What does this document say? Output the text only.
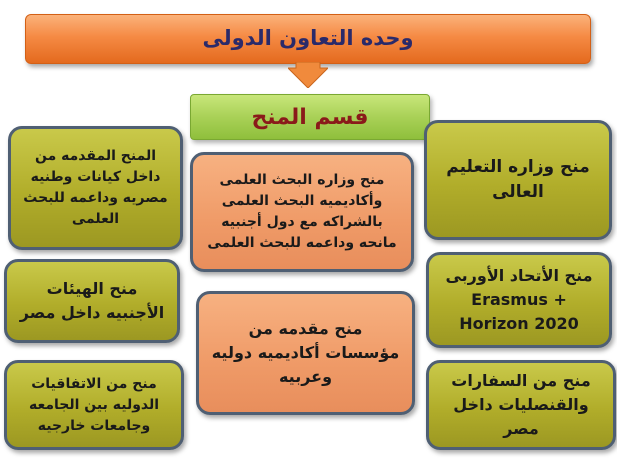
وحده التعاون الدولى
قسم المنح
المنح المقدمه من داخل كيانات وطنيه مصريه وداعمه للبحث العلمى
منح الهيئات الأجنبيه داخل مصر
منح من الاتفاقيات الدوليه بين الجامعه وجامعات خارجيه
منح وزاره البحث العلمى وأكاديميه البحث العلمى بالشراكه مع دول أجنبيه مانحه وداعمه للبحث العلمى
منح مقدمه من مؤسسات أكاديميه دوليه وعربيه
منح وزاره التعليم العالى
منح الأتحاد الأوربى Erasmus + Horizon 2020
منح من السفارات والقنصليات داخل مصر
